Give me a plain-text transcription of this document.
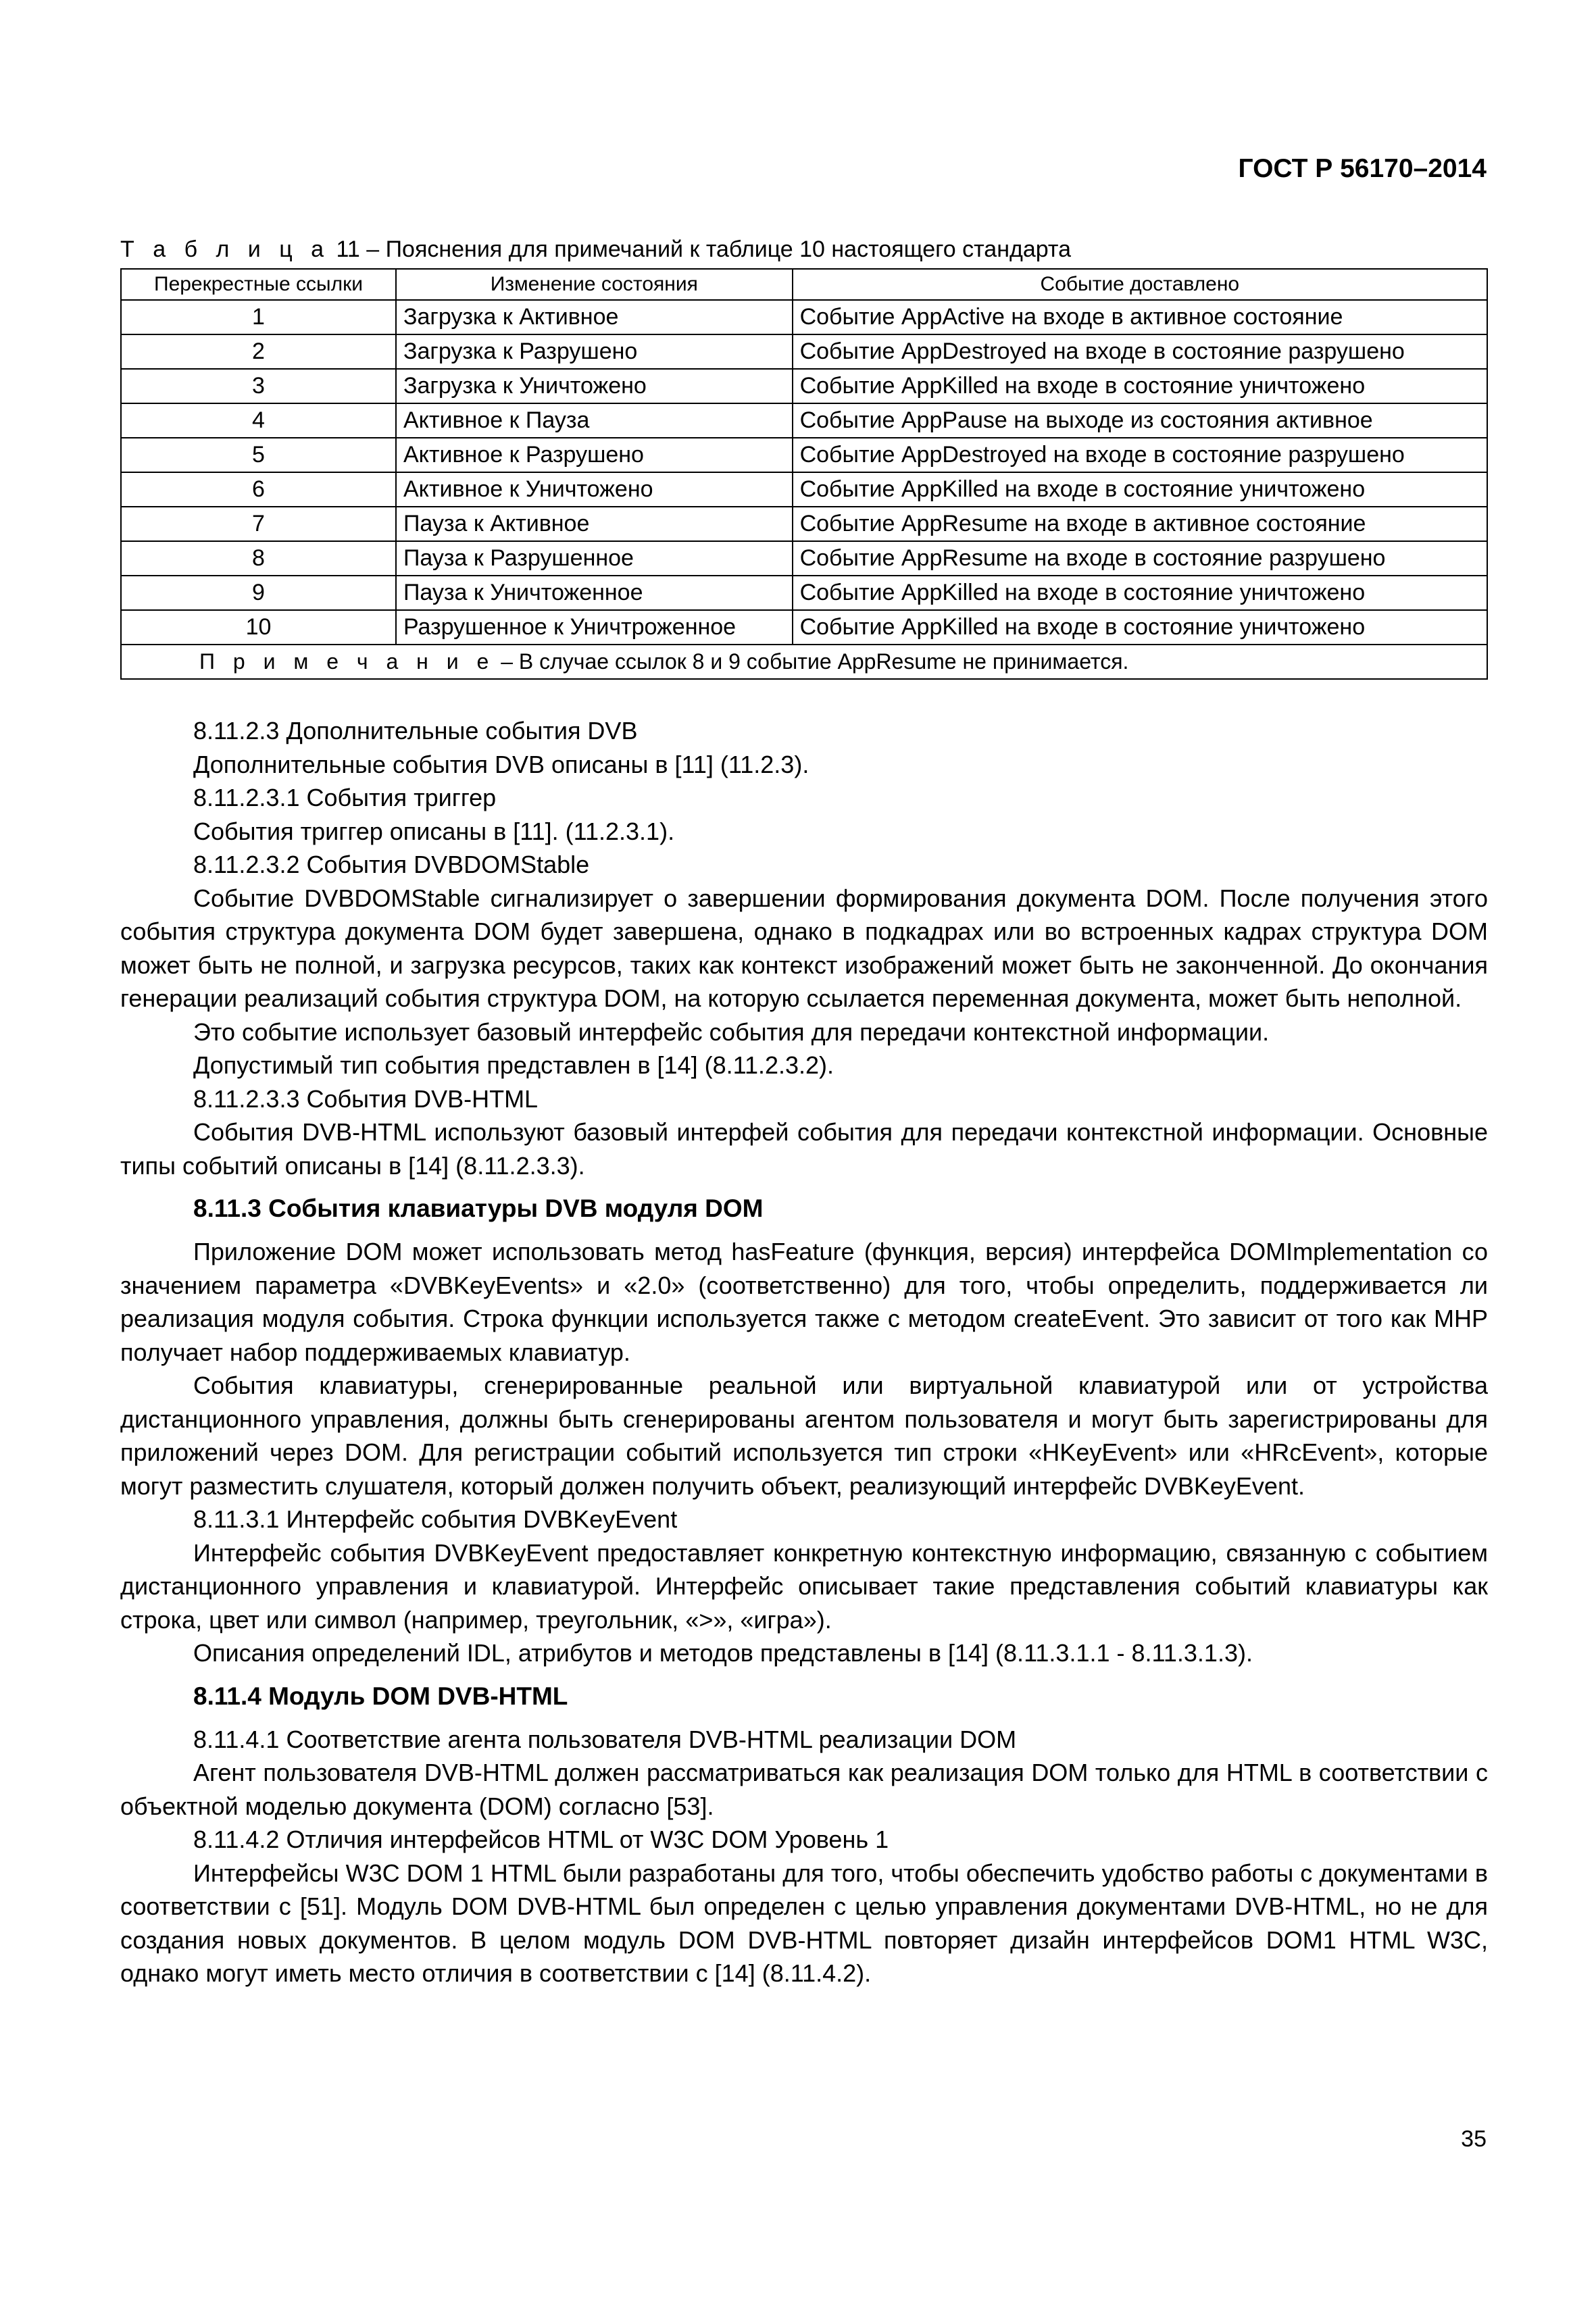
ГОСТ Р 56170–2014
Т а б л и ц а 11 – Пояснения для примечаний к таблице 10 настоящего стандарта
Перекрестные ссылки	Изменение состояния	Событие доставлено
1	Загрузка к Активное	Событие AppActive на входе в активное состояние
2	Загрузка к Разрушено	Событие AppDestroyed на входе в состояние разрушено
3	Загрузка к Уничтожено	Событие AppKilled на входе в состояние уничтожено
4	Активное к Пауза	Событие AppPause на выходе из состояния активное
5	Активное к Разрушено	Событие AppDestroyed на входе в состояние разрушено
6	Активное к Уничтожено	Событие AppKilled на входе в состояние уничтожено
7	Пауза к Активное	Событие AppResume на входе в активное состояние
8	Пауза к Разрушенное	Событие AppResume на входе в состояние разрушено
9	Пауза к Уничтоженное	Событие AppKilled на входе в состояние уничтожено
10	Разрушенное к Уничтроженное	Событие AppKilled на входе в состояние уничтожено
П р и м е ч а н и е – В случае ссылок 8 и 9 событие AppResume не принимается.		

8.11.2.3 Дополнительные события DVB

Дополнительные события DVB описаны в [11] (11.2.3).

8.11.2.3.1 События триггер

События триггер описаны в [11]. (11.2.3.1).

8.11.2.3.2 События DVBDOMStable

Событие DVBDOMStable сигнализирует о завершении формирования документа DOM. После получения этого события структура документа DOM будет завершена, однако в подкадрах или во встроенных кадрах структура DOM может быть не полной, и загрузка ресурсов, таких как контекст изображений может быть не законченной. До окончания генерации реализаций события структура DOM, на которую ссылается переменная документа, может быть неполной.

Это событие использует базовый интерфейс события для передачи контекстной информации.

Допустимый тип события представлен в [14] (8.11.2.3.2).

8.11.2.3.3 События DVB-HTML

События DVB-HTML используют базовый интерфей события для передачи контекстной информации. Основные типы событий описаны в [14] (8.11.2.3.3).

8.11.3 События клавиатуры DVB модуля DOM

Приложение DOM может использовать метод hasFeature (функция, версия) интерфейса DOMImplementation со значением параметра «DVBKeyEvents» и «2.0» (соответственно) для того, чтобы определить, поддерживается ли реализация модуля события. Строка функции используется также с методом createEvent. Это зависит от того как MHP получает набор поддерживаемых клавиатур.

События клавиатуры, сгенерированные реальной или виртуальной клавиатурой или от устройства дистанционного управления, должны быть сгенерированы агентом пользователя и могут быть зарегистрированы для приложений через DOM. Для регистрации событий используется тип строки «HKeyEvent» или «HRcEvent», которые могут разместить слушателя, который должен получить объект, реализующий интерфейс DVBKeyEvent.

8.11.3.1 Интерфейс события DVBKeyEvent

Интерфейс события DVBKeyEvent предоставляет конкретную контекстную информацию, связанную с событием дистанционного управления и клавиатурой. Интерфейс описывает такие представления событий клавиатуры как строка, цвет или символ (например, треугольник, «>», «игра»).

Описания определений IDL, атрибутов и методов представлены в [14] (8.11.3.1.1 - 8.11.3.1.3).

8.11.4 Модуль DOM DVB-HTML

8.11.4.1 Соответствие агента пользователя DVB-HTML реализации DOM

Агент пользователя DVB-HTML должен рассматриваться как реализация DOM только для HTML в соответствии с объектной моделью документа (DOM) согласно [53].

8.11.4.2 Отличия интерфейсов HTML от W3C DOM Уровень 1

Интерфейсы W3C DOM 1 HTML были разработаны для того, чтобы обеспечить удобство работы с документами в соответствии с [51]. Модуль DOM DVB-HTML был определен с целью управления документами DVB-HTML, но не для создания новых документов. В целом модуль DOM DVB-HTML повторяет дизайн интерфейсов DOM1 HTML W3C, однако могут иметь место отличия в соответствии с [14] (8.11.4.2).

35
